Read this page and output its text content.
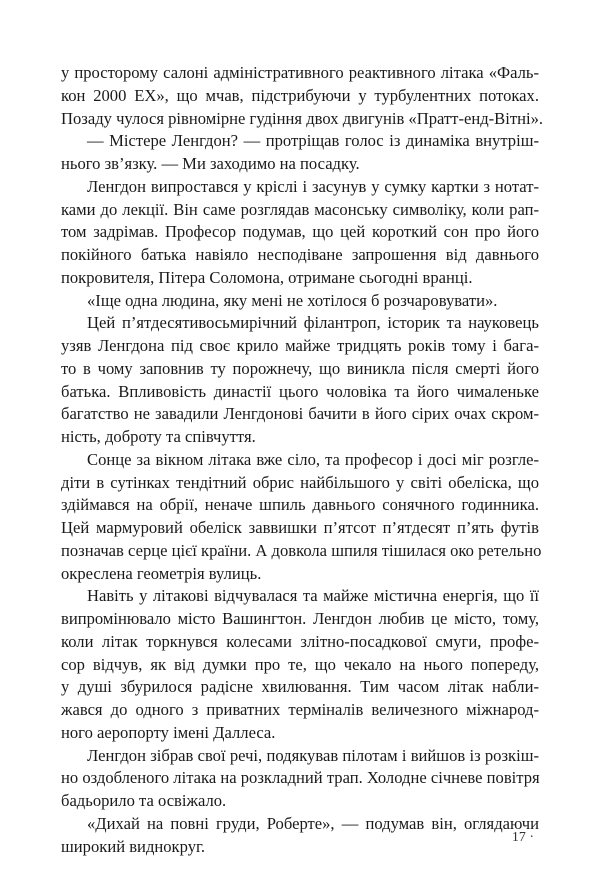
у просторому салоні адміністративного реактивного літака «Фаль-
кон 2000 ЕХ», що мчав, підстрибуючи у турбулентних потоках.
Позаду чулося рівномірне гудіння двох двигунів «Пратт-енд-Вітні».
— Містере Ленгдон? — протріщав голос із динаміка внутріш-
нього зв’язку. — Ми заходимо на посадку.
Ленгдон випростався у кріслі і засунув у сумку картки з нотат-
ками до лекції. Він саме розглядав масонську символіку, коли рап-
том задрімав. Професор подумав, що цей короткий сон про його
покійного батька навіяло несподіване запрошення від давнього
покровителя, Пітера Соломона, отримане сьогодні вранці.
«Іще одна людина, яку мені не хотілося б розчаровувати».
Цей п’ятдесятивосьмирічний філантроп, історик та науковець
узяв Ленгдона під своє крило майже тридцять років тому і бага-
то в чому заповнив ту порожнечу, що виникла після смерті його
батька. Впливовість династії цього чоловіка та його чималеньке
багатство не завадили Ленгдонові бачити в його сірих очах скром-
ність, доброту та співчуття.
Сонце за вікном літака вже сіло, та професор і досі міг розгле-
діти в сутінках тендітний обрис найбільшого у світі обеліска, що
здіймався на обрії, неначе шпиль давнього сонячного годинника.
Цей мармуровий обеліск заввишки п’ятсот п’ятдесят п’ять футів
позначав серце цієї країни. А довкола шпиля тішилася око ретельно
окреслена геометрія вулиць.
Навіть у літакові відчувалася та майже містична енергія, що її
випромінювало місто Вашингтон. Ленгдон любив це місто, тому,
коли літак торкнувся колесами злітно-посадкової смуги, профе-
сор відчув, як від думки про те, що чекало на нього попереду,
у душі збурилося радісне хвилювання. Тим часом літак набли-
жався до одного з приватних терміналів величезного міжнарод-
ного аеропорту імені Даллеса.
Ленгдон зібрав свої речі, подякував пілотам і вийшов із розкіш-
но оздобленого літака на розкладний трап. Холодне січневе повітря
бадьорило та освіжало.
«Дихай на повні груди, Роберте», — подумав він, оглядаючи
широкий виднокруг.	17 ·
